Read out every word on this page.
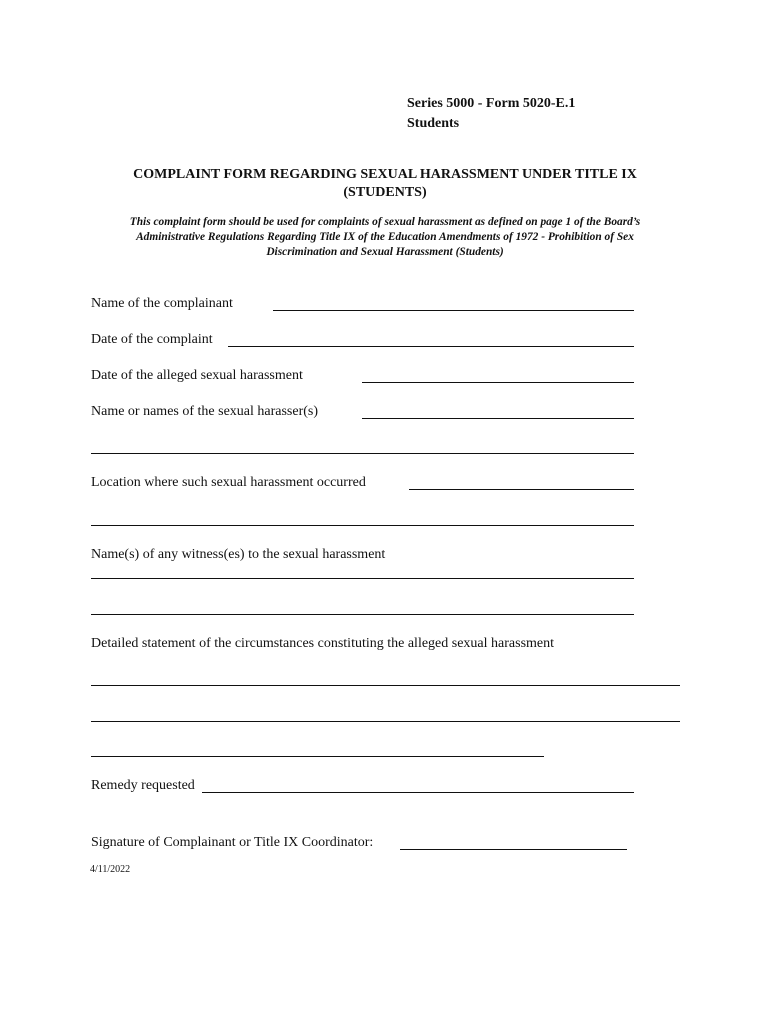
Series 5000 - Form 5020-E.1
Students
COMPLAINT FORM REGARDING SEXUAL HARASSMENT UNDER TITLE IX
(STUDENTS)
This complaint form should be used for complaints of sexual harassment as defined on page 1 of the Board’s
Administrative Regulations Regarding Title IX of the Education Amendments of 1972 - Prohibition of Sex
Discrimination and Sexual Harassment (Students)
Name of the complainant
Date of the complaint
Date of the alleged sexual harassment
Name or names of the sexual harasser(s)
Location where such sexual harassment occurred
Name(s) of any witness(es) to the sexual harassment
Detailed statement of the circumstances constituting the alleged sexual harassment
Remedy requested
Signature of Complainant or Title IX Coordinator:
4/11/2022
